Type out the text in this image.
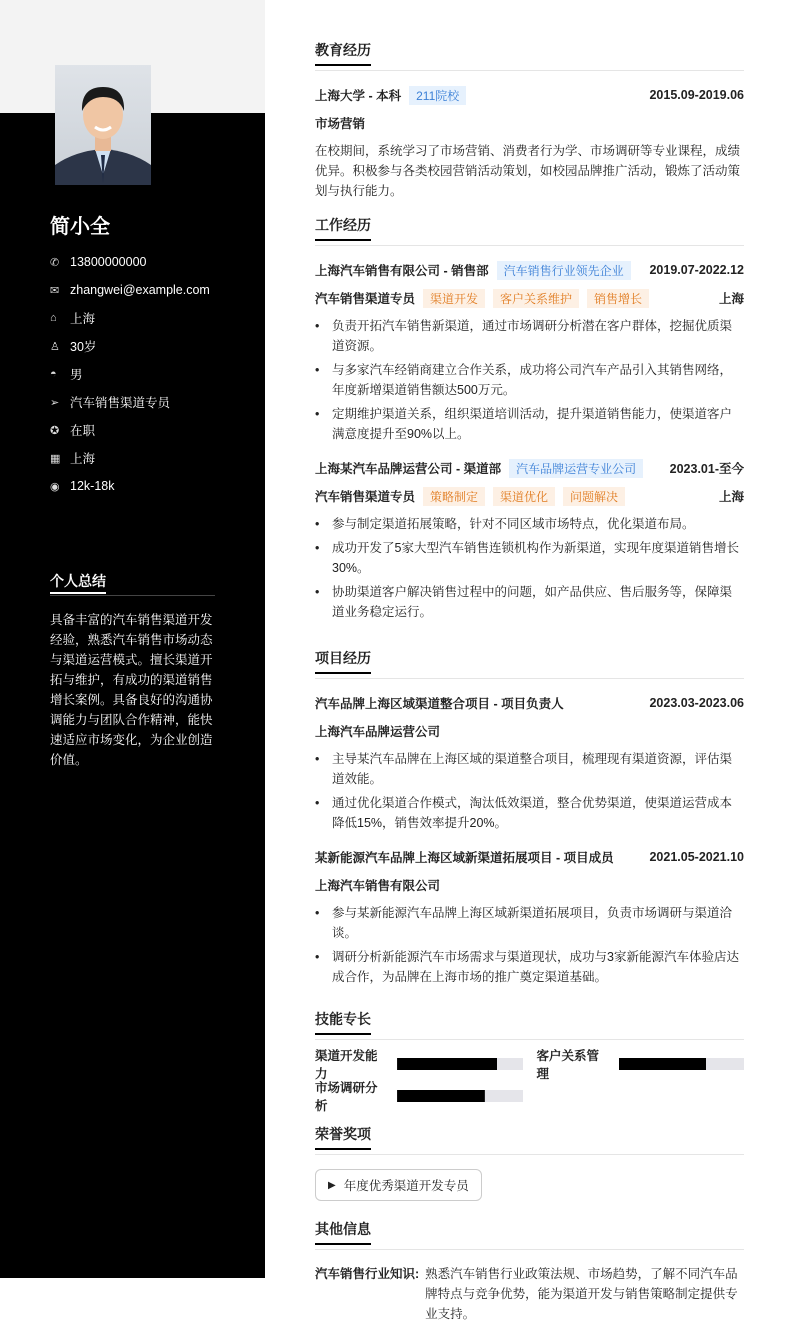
简小全
✆ 13800000000
✉ zhangwei@example.com
⌂	上海
♙ 30岁
◓	男
➢ 汽车销售渠道专员
✪ 在职
▦ 上海
◉ 12k-18k
个人总结
具备丰富的汽车销售渠道开发经验，熟悉汽车销售市场动态与渠道运营模式。擅长渠道开拓与维护，有成功的渠道销售增长案例。具备良好的沟通协调能力与团队合作精神，能快速适应市场变化，为企业创造价值。
教育经历
上海大学 - 本科	211院校	2015.09-2019.06
市场营销
在校期间，系统学习了市场营销、消费者行为学、市场调研等专业课程，成绩优异。积极参与各类校园营销活动策划，如校园品牌推广活动，锻炼了活动策划与执行能力。
工作经历
上海汽车销售有限公司 - 销售部	汽车销售行业领先企业	2019.07-2022.12
汽车销售渠道专员	渠道开发	客户关系维护	销售增长	上海
• 负责开拓汽车销售新渠道，通过市场调研分析潜在客户群体，挖掘优质渠道资源。
• 与多家汽车经销商建立合作关系，成功将公司汽车产品引入其销售网络，年度新增渠道销售额达500万元。
• 定期维护渠道关系，组织渠道培训活动，提升渠道销售能力，使渠道客户满意度提升至90%以上。
上海某汽车品牌运营公司 - 渠道部	汽车品牌运营专业公司	2023.01-至今
汽车销售渠道专员	策略制定	渠道优化	问题解决	上海
• 参与制定渠道拓展策略，针对不同区域市场特点，优化渠道布局。
• 成功开发了5家大型汽车销售连锁机构作为新渠道，实现年度渠道销售增长30%。
• 协助渠道客户解决销售过程中的问题，如产品供应、售后服务等，保障渠道业务稳定运行。
项目经历
汽车品牌上海区域渠道整合项目 - 项目负责人	2023.03-2023.06
上海汽车品牌运营公司
• 主导某汽车品牌在上海区域的渠道整合项目，梳理现有渠道资源，评估渠道效能。
• 通过优化渠道合作模式，淘汰低效渠道，整合优势渠道，使渠道运营成本降低15%，销售效率提升20%。
某新能源汽车品牌上海区域新渠道拓展项目 - 项目成员	2021.05-2021.10
上海汽车销售有限公司
• 参与某新能源汽车品牌上海区域新渠道拓展项目，负责市场调研与渠道洽谈。
• 调研分析新能源汽车市场需求与渠道现状，成功与3家新能源汽车体验店达成合作，为品牌在上海市场的推广奠定渠道基础。
技能专长
渠道开发能力
客户关系管理
市场调研分析
荣誉奖项
▶ 年度优秀渠道开发专员
其他信息
汽车销售行业知识: 熟悉汽车销售行业政策法规、市场趋势，了解不同汽车品牌特点与竞争优势，能为渠道开发与销售策略制定提供专业支持。
